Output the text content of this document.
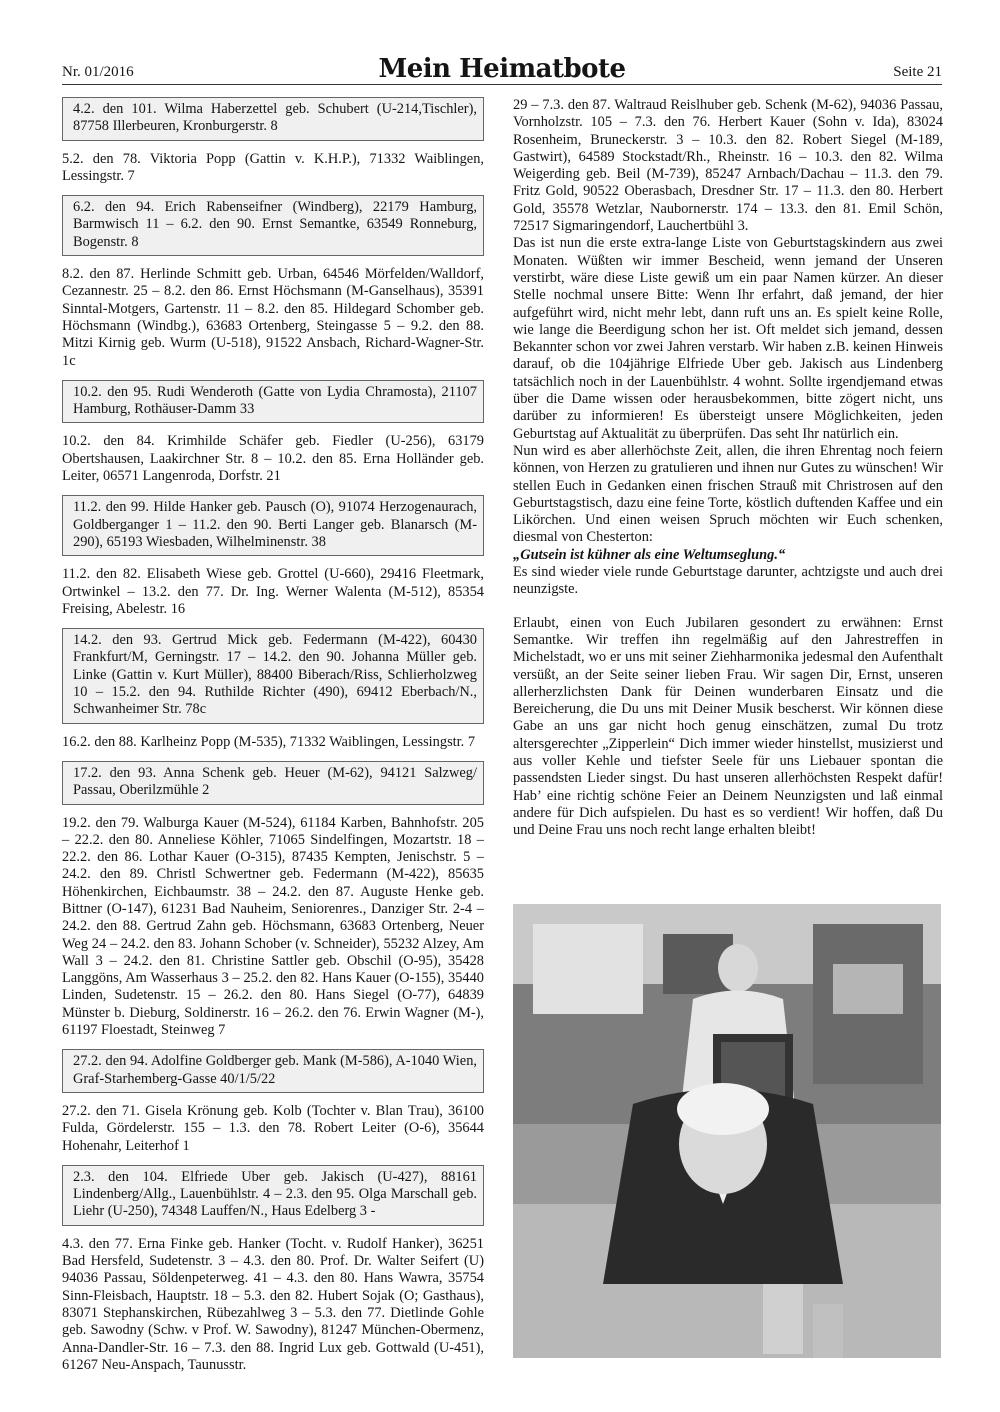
Nr. 01/2016	Mein Heimatbote	Seite 21
4.2. den 101. Wilma Haberzettel geb. Schubert (U-214,Tischler), 87758 Illerbeuren, Kronburgerstr. 8
5.2. den 78. Viktoria Popp (Gattin v. K.H.P.), 71332 Waiblingen, Lessingstr. 7
6.2. den 94. Erich Rabenseifner (Windberg), 22179 Hamburg, Barmwisch 11 – 6.2. den 90. Ernst Semantke, 63549 Ronneburg, Bogenstr. 8
8.2. den 87. Herlinde Schmitt geb. Urban, 64546 Mörfelden/Walldorf, Cezannestr. 25 – 8.2. den 86. Ernst Höchsmann (M-Ganselhaus), 35391 Sinntal-Motgers, Gartenstr. 11 – 8.2. den 85. Hildegard Schomber geb. Höchsmann (Windbg.), 63683 Ortenberg, Steingasse 5 – 9.2. den 88. Mitzi Kirnig geb. Wurm (U-518), 91522 Ansbach, Richard-Wagner-Str. 1c
10.2. den 95. Rudi Wenderoth (Gatte von Lydia Chramosta), 21107 Hamburg, Rothäuser-Damm 33
10.2. den 84. Krimhilde Schäfer geb. Fiedler (U-256), 63179 Obertshausen, Laakirchner Str. 8 – 10.2. den 85. Erna Holländer geb. Leiter, 06571 Langenroda, Dorfstr. 21
11.2. den 99. Hilde Hanker geb. Pausch (O), 91074 Herzogenaurach, Goldberganger 1 – 11.2. den 90. Berti Langer geb. Blanarsch (M-290), 65193 Wiesbaden, Wilhelminenstr. 38
11.2. den 82. Elisabeth Wiese geb. Grottel (U-660), 29416 Fleetmark, Ortwinkel – 13.2. den 77. Dr. Ing. Werner Walenta (M-512), 85354 Freising, Abelestr. 16
14.2. den 93. Gertrud Mick geb. Federmann (M-422), 60430 Frankfurt/M, Gerningstr. 17 – 14.2. den 90. Johanna Müller geb. Linke (Gattin v. Kurt Müller), 88400 Biberach/Riss, Schlierholzweg 10 – 15.2. den 94. Ruthilde Richter (490), 69412 Eberbach/N., Schwanheimer Str. 78c
16.2. den 88. Karlheinz Popp (M-535), 71332 Waiblingen, Lessingstr. 7
17.2. den 93. Anna Schenk geb. Heuer (M-62), 94121 Salzweg/ Passau, Oberilzmühle 2
19.2. den 79. Walburga Kauer (M-524), 61184 Karben, Bahnhofstr. 205 – 22.2. den 80. Anneliese Köhler, 71065 Sindelfingen, Mozartstr. 18 – 22.2. den 86. Lothar Kauer (O-315), 87435 Kempten, Jenischstr. 5 – 24.2. den 89. Christl Schwertner geb. Federmann (M-422), 85635 Höhenkirchen, Eichbaumstr. 38 – 24.2. den 87. Auguste Henke geb. Bittner (O-147), 61231 Bad Nauheim, Seniorenres., Danziger Str. 2-4 – 24.2. den 88. Gertrud Zahn geb. Höchsmann, 63683 Ortenberg, Neuer Weg 24 – 24.2. den 83. Johann Schober (v. Schneider), 55232 Alzey, Am Wall 3 – 24.2. den 81. Christine Sattler geb. Obschil (O-95), 35428 Langgöns, Am Wasserhaus 3 – 25.2. den 82. Hans Kauer (O-155), 35440 Linden, Sudetenstr. 15 – 26.2. den 80. Hans Siegel (O-77), 64839 Münster b. Dieburg, Soldinerstr. 16 – 26.2. den 76. Erwin Wagner (M-), 61197 Floestadt, Steinweg 7
27.2. den 94. Adolfine Goldberger geb. Mank (M-586), A-1040 Wien, Graf-Starhemberg-Gasse 40/1/5/22
27.2. den 71. Gisela Krönung geb. Kolb (Tochter v. Blan Trau), 36100 Fulda, Gördelerstr. 155 – 1.3. den 78. Robert Leiter (O-6), 35644 Hohenahr, Leiterhof 1
2.3. den 104. Elfriede Uber geb. Jakisch (U-427), 88161 Lindenberg/Allg., Lauenbühlstr. 4 – 2.3. den 95. Olga Marschall geb. Liehr (U-250), 74348 Lauffen/N., Haus Edelberg 3 -
4.3. den 77. Erna Finke geb. Hanker (Tocht. v. Rudolf Hanker), 36251 Bad Hersfeld, Sudetenstr. 3 – 4.3. den 80. Prof. Dr. Walter Seifert (U) 94036 Passau, Söldenpeterweg. 41 – 4.3. den 80. Hans Wawra, 35754 Sinn-Fleisbach, Hauptstr. 18 – 5.3. den 82. Hubert Sojak (O; Gasthaus), 83071 Stephanskirchen, Rübezahlweg 3 – 5.3. den 77. Dietlinde Gohle geb. Sawodny (Schw. v Prof. W. Sawodny), 81247 München-Obermenz, Anna-Dandler-Str. 16 – 7.3. den 88. Ingrid Lux geb. Gottwald (U-451), 61267 Neu-Anspach, Taunusstr.

29 – 7.3. den 87. Waltraud Reislhuber geb. Schenk (M-62), 94036 Passau, Vornholzstr. 105 – 7.3. den 76. Herbert Kauer (Sohn v. Ida), 83024 Rosenheim, Bruneckerstr. 3 – 10.3. den 82. Robert Siegel (M-189, Gastwirt), 64589 Stockstadt/Rh., Rheinstr. 16 – 10.3. den 82. Wilma Weigerding geb. Beil (M-739), 85247 Arnbach/Dachau – 11.3. den 79. Fritz Gold, 90522 Oberasbach, Dresdner Str. 17 – 11.3. den 80. Herbert Gold, 35578 Wetzlar, Naubornerstr. 174 – 13.3. den 81. Emil Schön, 72517 Sigmaringendorf, Lauchertbühl 3.

Das ist nun die erste extra-lange Liste von Geburtstagskindern aus zwei Monaten. Wüßten wir immer Bescheid, wenn jemand der Unseren verstirbt, wäre diese Liste gewiß um ein paar Namen kürzer. An dieser Stelle nochmal unsere Bitte: Wenn Ihr erfahrt, daß jemand, der hier aufgeführt wird, nicht mehr lebt, dann ruft uns an. Es spielt keine Rolle, wie lange die Beerdigung schon her ist. Oft meldet sich jemand, dessen Bekannter schon vor zwei Jahren verstarb. Wir haben z.B. keinen Hinweis darauf, ob die 104jährige Elfriede Uber geb. Jakisch aus Lindenberg tatsächlich noch in der Lauenbühlstr. 4 wohnt. Sollte irgendjemand etwas über die Dame wissen oder herausbekommen, bitte zögert nicht, uns darüber zu informieren! Es übersteigt unsere Möglichkeiten, jeden Geburtstag auf Aktualität zu überprüfen. Das seht Ihr natürlich ein.

Nun wird es aber allerhöchste Zeit, allen, die ihren Ehrentag noch feiern können, von Herzen zu gratulieren und ihnen nur Gutes zu wünschen! Wir stellen Euch in Gedanken einen frischen Strauß mit Christrosen auf den Geburtstagstisch, dazu eine feine Torte, köstlich duftenden Kaffee und ein Likörchen. Und einen weisen Spruch möchten wir Euch schenken, diesmal von Chesterton:

„Gutsein ist kühner als eine Weltumseglung.“

Es sind wieder viele runde Geburtstage darunter, achtzigste und auch drei neunzigste.

Erlaubt, einen von Euch Jubilaren gesondert zu erwähnen: Ernst Semantke. Wir treffen ihn regelmäßig auf den Jahrestreffen in Michelstadt, wo er uns mit seiner Ziehharmonika jedesmal den Aufenthalt versüßt, an der Seite seiner lieben Frau. Wir sagen Dir, Ernst, unseren allerherzlichsten Dank für Deinen wunderbaren Einsatz und die Bereicherung, die Du uns mit Deiner Musik bescherst. Wir können diese Gabe an uns gar nicht hoch genug einschätzen, zumal Du trotz altersgerechter „Zipperlein“ Dich immer wieder hinstellst, musizierst und aus voller Kehle und tiefster Seele für uns Liebauer spontan die passendsten Lieder singst. Du hast unseren allerhöchsten Respekt dafür! Hab’ eine richtig schöne Feier an Deinem Neunzigsten und laß einmal andere für Dich aufspielen. Du hast es so verdient! Wir hoffen, daß Du und Deine Frau uns noch recht lange erhalten bleibt!
